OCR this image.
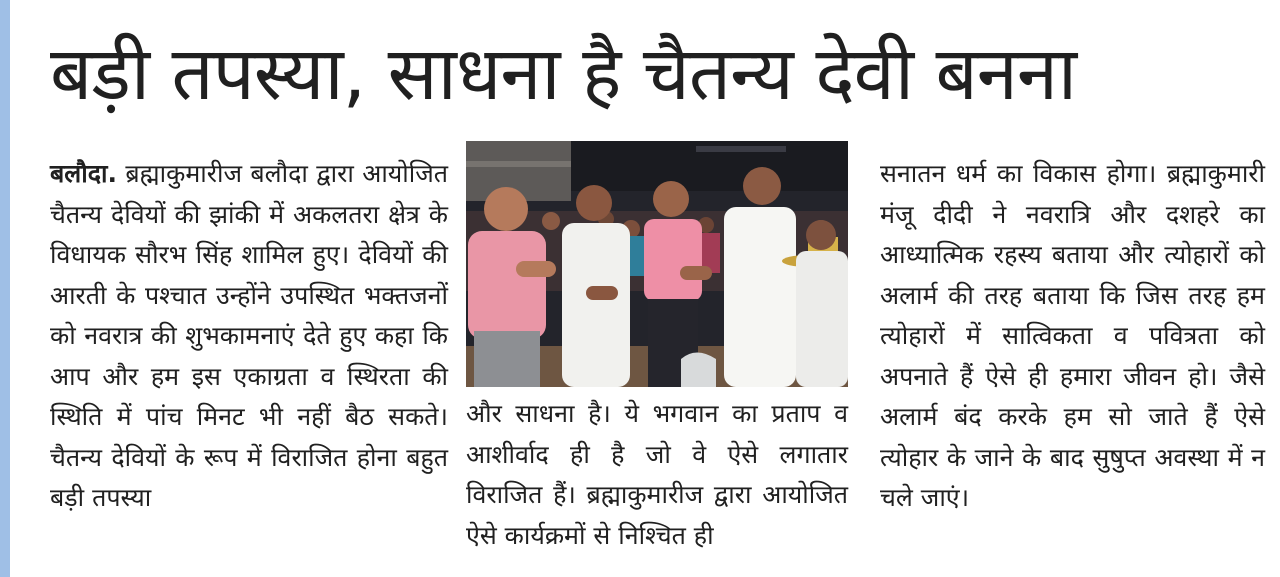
बड़ी तपस्या, साधना है चैतन्य देवी बनना

बलौदा. ब्रह्माकुमारीज बलौदा द्वारा आयोजित चैतन्य देवियों की झांकी में अकलतरा क्षेत्र के विधायक सौरभ सिंह शामिल हुए। देवियों की आरती के पश्चात उन्होंने उपस्थित भक्तजनों को नवरात्र की शुभकामनाएं देते हुए कहा कि आप और हम इस एकाग्रता व स्थिरता की स्थिति में पांच मिनट भी नहीं बैठ सकते। चैतन्य देवियों के रूप में विराजित होना बहुत बड़ी तपस्या

और साधना है। ये भगवान का प्रताप व आशीर्वाद ही है जो वे ऐसे लगातार विराजित हैं। ब्रह्माकुमारीज द्वारा आयोजित ऐसे कार्यक्रमों से निश्चित ही

सनातन धर्म का विकास होगा। ब्रह्माकुमारी मंजू दीदी ने नवरात्रि और दशहरे का आध्यात्मिक रहस्य बताया और त्योहारों को अलार्म की तरह बताया कि जिस तरह हम त्योहारों में सात्विकता व पवित्रता को अपनाते हैं ऐसे ही हमारा जीवन हो। जैसे अलार्म बंद करके हम सो जाते हैं ऐसे त्योहार के जाने के बाद सुषुप्त अवस्था में न चले जाएं।
